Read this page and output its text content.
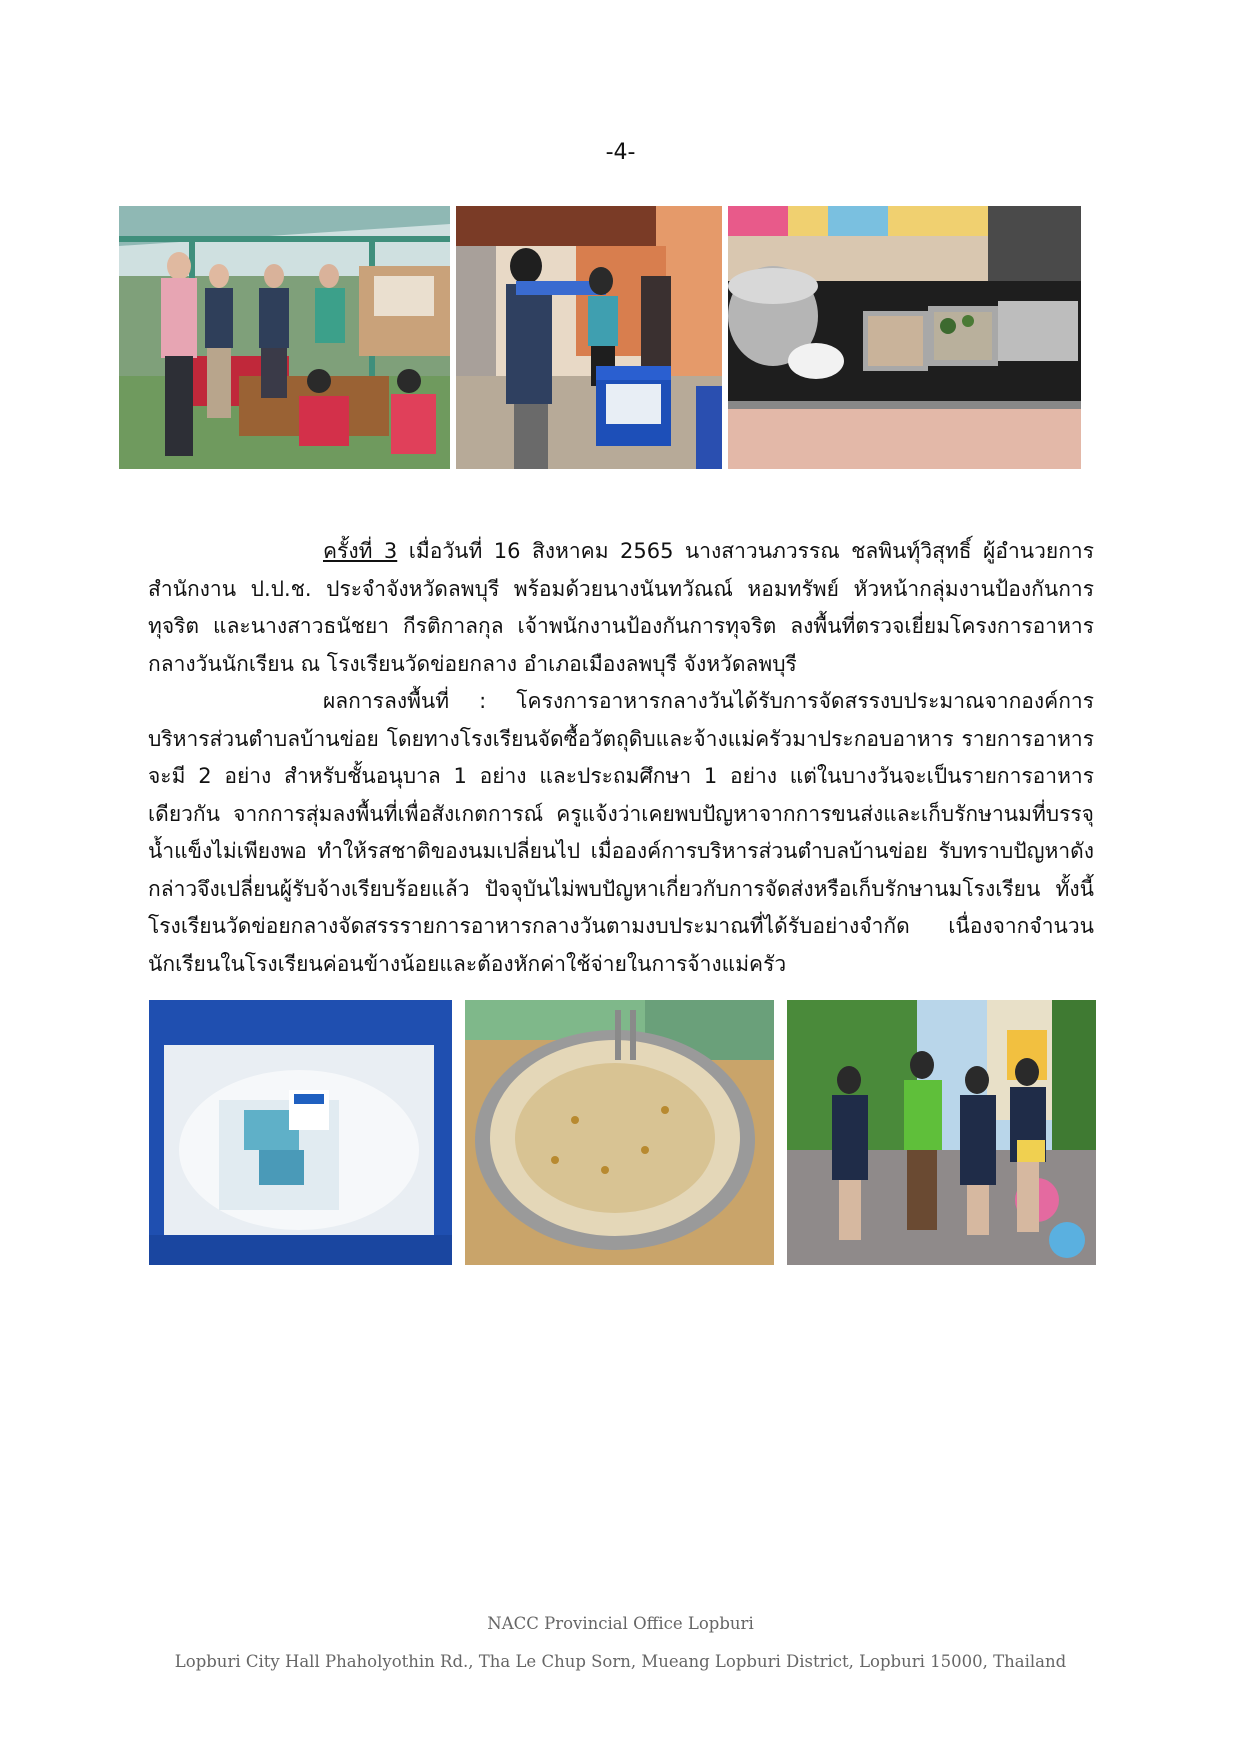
-4-

ครั้งที่ 3 เมื่อวันที่ 16 สิงหาคม 2565 นางสาวนภวรรณ ชลพินทุ์วิสุทธิ์ ผู้อำนวยการสำนักงาน ป.ป.ช. ประจำจังหวัดลพบุรี พร้อมด้วยนางนันทวัณณ์ หอมทรัพย์ หัวหน้ากลุ่มงานป้องกันการทุจริต และนางสาวธนัชยา กีรติกาลกุล เจ้าพนักงานป้องกันการทุจริต ลงพื้นที่ตรวจเยี่ยมโครงการอาหารกลางวันนักเรียน ณ โรงเรียนวัดข่อยกลาง อำเภอเมืองลพบุรี จังหวัดลพบุรี

ผลการลงพื้นที่ : โครงการอาหารกลางวันได้รับการจัดสรรงบประมาณจากองค์การบริหารส่วนตำบลบ้านข่อย โดยทางโรงเรียนจัดซื้อวัตถุดิบและจ้างแม่ครัวมาประกอบอาหาร รายการอาหารจะมี 2 อย่าง สำหรับชั้นอนุบาล 1 อย่าง และประถมศึกษา 1 อย่าง แต่ในบางวันจะเป็นรายการอาหารเดียวกัน จากการสุ่มลงพื้นที่เพื่อสังเกตการณ์ ครูแจ้งว่าเคยพบปัญหาจากการขนส่งและเก็บรักษานมที่บรรจุน้ำแข็งไม่เพียงพอ ทำให้รสชาติของนมเปลี่ยนไป เมื่อองค์การบริหารส่วนตำบลบ้านข่อย รับทราบปัญหาดังกล่าวจึงเปลี่ยนผู้รับจ้างเรียบร้อยแล้ว ปัจจุบันไม่พบปัญหาเกี่ยวกับการจัดส่งหรือเก็บรักษานมโรงเรียน ทั้งนี้ โรงเรียนวัดข่อยกลางจัดสรรรายการอาหารกลางวันตามงบประมาณที่ได้รับอย่างจำกัด เนื่องจากจำนวนนักเรียนในโรงเรียนค่อนข้างน้อยและต้องหักค่าใช้จ่ายในการจ้างแม่ครัว

NACC Provincial Office Lopburi
Lopburi City Hall Phaholyothin Rd., Tha Le Chup Sorn, Mueang Lopburi District, Lopburi 15000, Thailand
